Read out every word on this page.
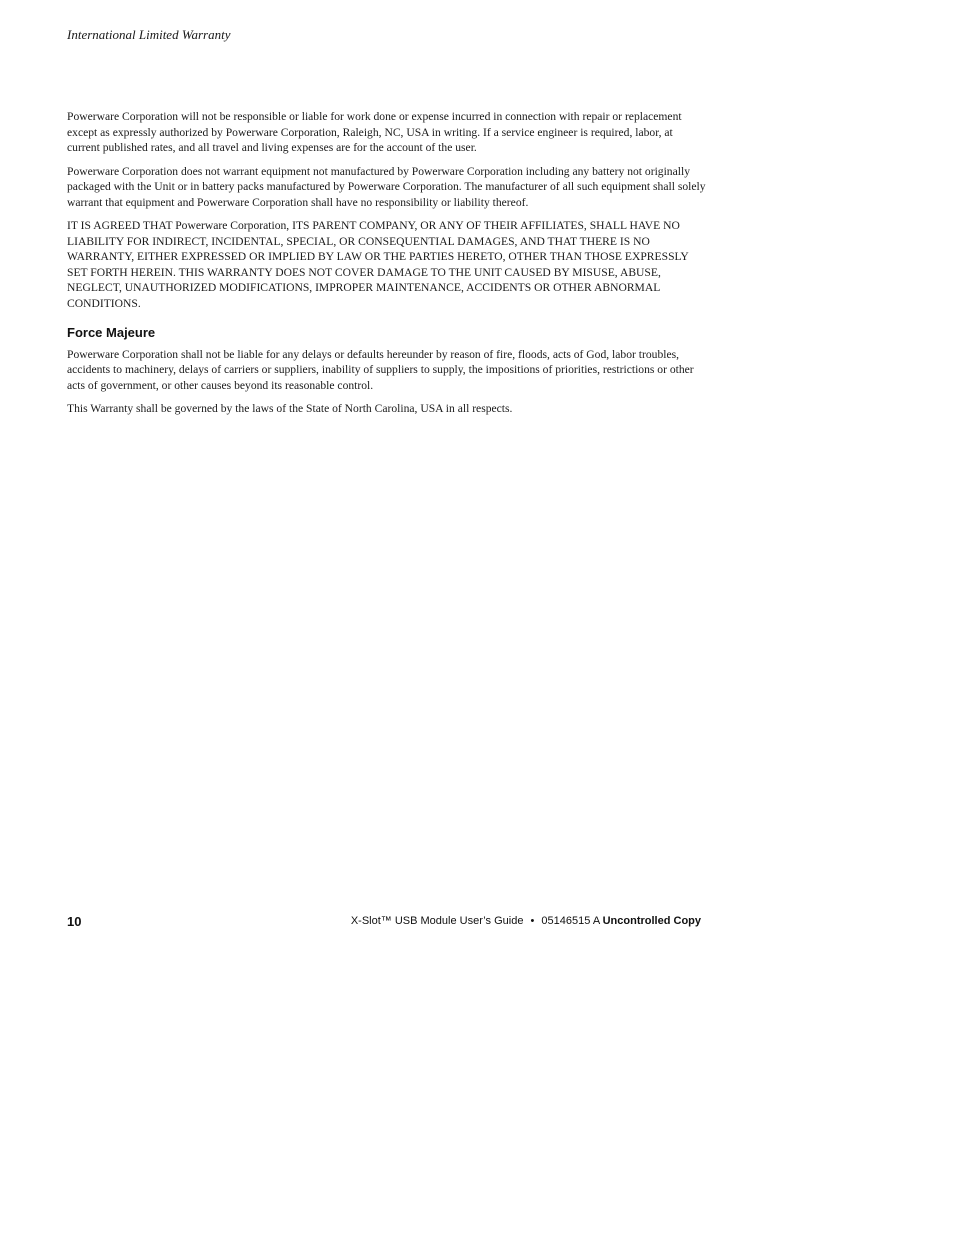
International Limited Warranty

Powerware Corporation will not be responsible or liable for work done or expense incurred in connection with repair or replacement except as expressly authorized by Powerware Corporation, Raleigh, NC, USA in writing. If a service engineer is required, labor, at current published rates, and all travel and living expenses are for the account of the user.

Powerware Corporation does not warrant equipment not manufactured by Powerware Corporation including any battery not originally packaged with the Unit or in battery packs manufactured by Powerware Corporation. The manufacturer of all such equipment shall solely warrant that equipment and Powerware Corporation shall have no responsibility or liability thereof.

IT IS AGREED THAT Powerware Corporation, ITS PARENT COMPANY, OR ANY OF THEIR AFFILIATES, SHALL HAVE NO LIABILITY FOR INDIRECT, INCIDENTAL, SPECIAL, OR CONSEQUENTIAL DAMAGES, AND THAT THERE IS NO WARRANTY, EITHER EXPRESSED OR IMPLIED BY LAW OR THE PARTIES HERETO, OTHER THAN THOSE EXPRESSLY SET FORTH HEREIN. THIS WARRANTY DOES NOT COVER DAMAGE TO THE UNIT CAUSED BY MISUSE, ABUSE, NEGLECT, UNAUTHORIZED MODIFICATIONS, IMPROPER MAINTENANCE, ACCIDENTS OR OTHER ABNORMAL CONDITIONS.

Force Majeure

Powerware Corporation shall not be liable for any delays or defaults hereunder by reason of fire, floods, acts of God, labor troubles, accidents to machinery, delays of carriers or suppliers, inability of suppliers to supply, the impositions of priorities, restrictions or other acts of government, or other causes beyond its reasonable control.

This Warranty shall be governed by the laws of the State of North Carolina, USA in all respects.

10	X-Slot™ USB Module User’s Guide • 05146515 A Uncontrolled Copy
